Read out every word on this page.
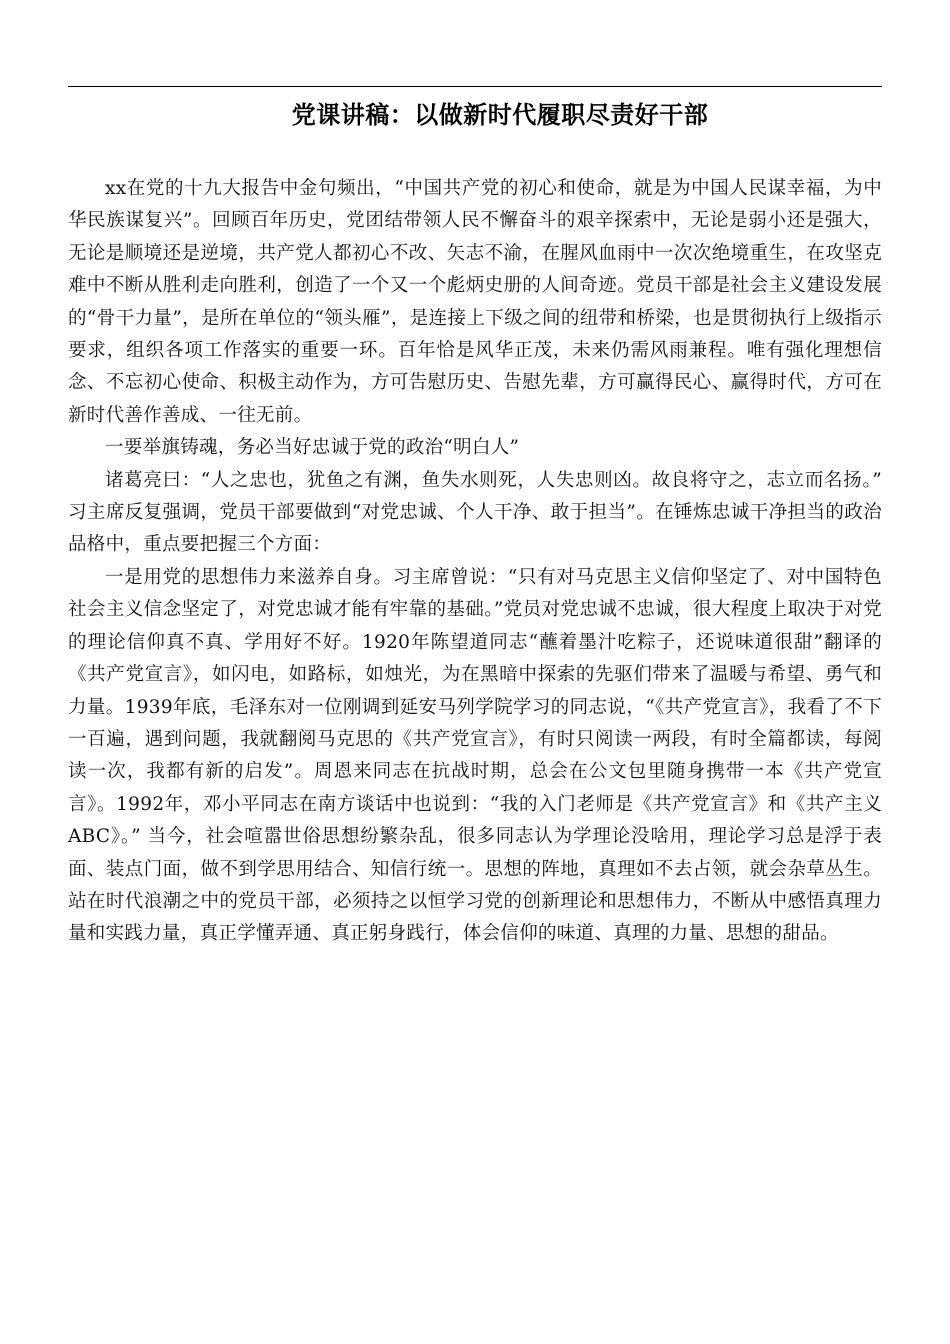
党课讲稿：以做新时代履职尽责好干部

xx在党的十九大报告中金句频出，“中国共产党的初心和使命，就是为中国人民谋幸福，为中华民族谋复兴”。回顾百年历史，党团结带领人民不懈奋斗的艰辛探索中，无论是弱小还是强大，无论是顺境还是逆境，共产党人都初心不改、矢志不渝，在腥风血雨中一次次绝境重生，在攻坚克难中不断从胜利走向胜利，创造了一个又一个彪炳史册的人间奇迹。党员干部是社会主义建设发展的“骨干力量”，是所在单位的“领头雁”，是连接上下级之间的纽带和桥梁，也是贯彻执行上级指示要求，组织各项工作落实的重要一环。百年恰是风华正茂，未来仍需风雨兼程。唯有强化理想信念、不忘初心使命、积极主动作为，方可告慰历史、告慰先辈，方可赢得民心、赢得时代，方可在新时代善作善成、一往无前。

一要举旗铸魂，务必当好忠诚于党的政治“明白人”

诸葛亮曰：“人之忠也，犹鱼之有渊，鱼失水则死，人失忠则凶。故良将守之，志立而名扬。” 习主席反复强调，党员干部要做到“对党忠诚、个人干净、敢于担当”。在锤炼忠诚干净担当的政治品格中，重点要把握三个方面：

一是用党的思想伟力来滋养自身。习主席曾说：“只有对马克思主义信仰坚定了、对中国特色社会主义信念坚定了，对党忠诚才能有牢靠的基础。”党员对党忠诚不忠诚，很大程度上取决于对党的理论信仰真不真、学用好不好。1920年陈望道同志“蘸着墨汁吃粽子，还说味道很甜”翻译的《共产党宣言》，如闪电，如路标，如烛光，为在黑暗中探索的先驱们带来了温暖与希望、勇气和力量。1939年底，毛泽东对一位刚调到延安马列学院学习的同志说，“《共产党宣言》，我看了不下一百遍，遇到问题，我就翻阅马克思的《共产党宣言》，有时只阅读一两段，有时全篇都读，每阅读一次，我都有新的启发”。周恩来同志在抗战时期，总会在公文包里随身携带一本《共产党宣言》。1992年，邓小平同志在南方谈话中也说到：“我的入门老师是《共产党宣言》和《共产主义ABC》。” 当今，社会喧嚣世俗思想纷繁杂乱，很多同志认为学理论没啥用，理论学习总是浮于表面、装点门面，做不到学思用结合、知信行统一。思想的阵地，真理如不去占领，就会杂草丛生。站在时代浪潮之中的党员干部，必须持之以恒学习党的创新理论和思想伟力，不断从中感悟真理力量和实践力量，真正学懂弄通、真正躬身践行，体会信仰的味道、真理的力量、思想的甜品。
